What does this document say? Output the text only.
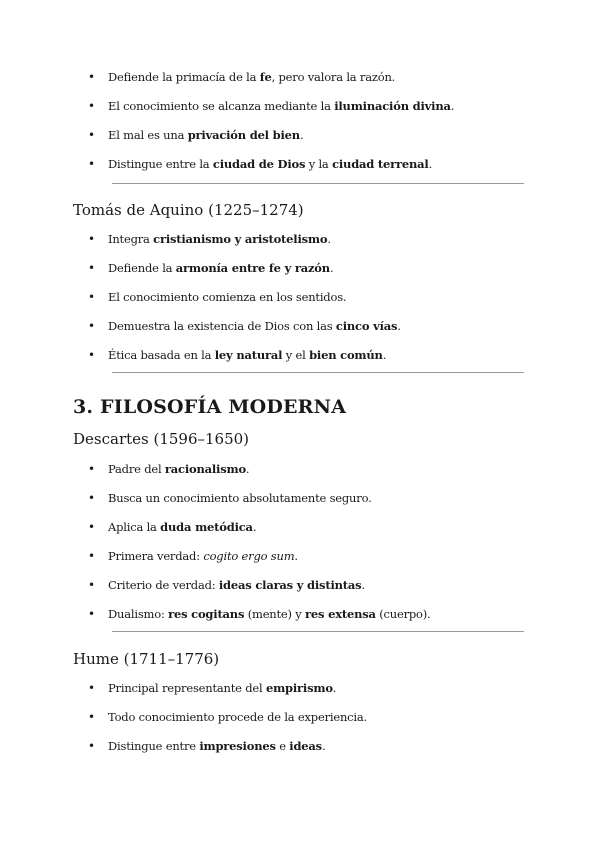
• Defiende la primacía de la fe, pero valora la razón.
• El conocimiento se alcanza mediante la iluminación divina.
• El mal es una privación del bien.
• Distingue entre la ciudad de Dios y la ciudad terrenal.
Tomás de Aquino (1225–1274)
• Integra cristianismo y aristotelismo.
• Defiende la armonía entre fe y razón.
• El conocimiento comienza en los sentidos.
• Demuestra la existencia de Dios con las cinco vías.
• Ética basada en la ley natural y el bien común.
3. FILOSOFÍA MODERNA
Descartes (1596–1650)
• Padre del racionalismo.
• Busca un conocimiento absolutamente seguro.
• Aplica la duda metódica.
• Primera verdad: cogito ergo sum.
• Criterio de verdad: ideas claras y distintas.
• Dualismo: res cogitans (mente) y res extensa (cuerpo).
Hume (1711–1776)
• Principal representante del empirismo.
• Todo conocimiento procede de la experiencia.
• Distingue entre impresiones e ideas.
